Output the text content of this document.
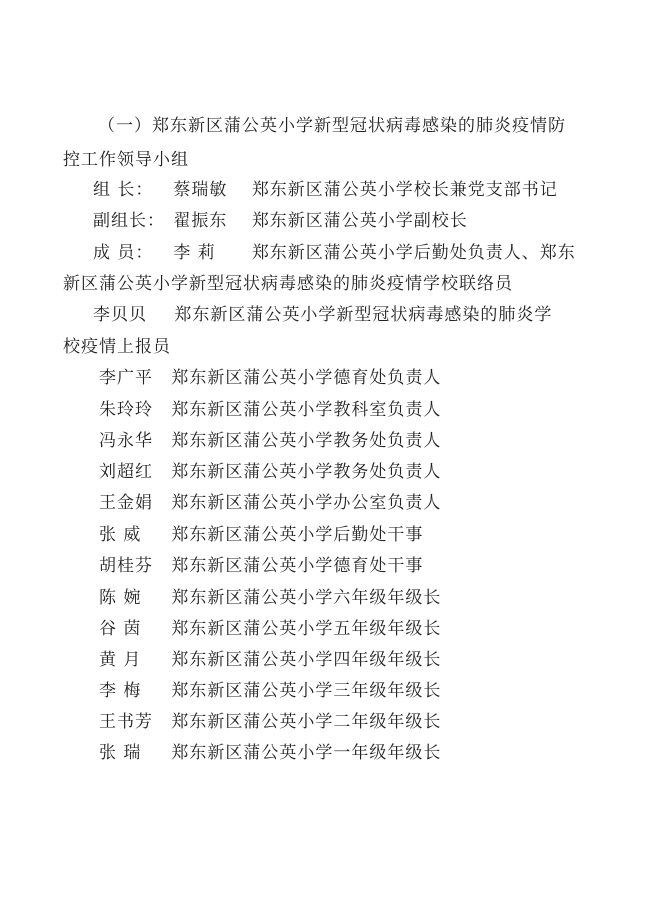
（一）郑东新区蒲公英小学新型冠状病毒感染的肺炎疫情防
控工作领导小组
组 长： 蔡瑞敏 郑东新区蒲公英小学校长兼党支部书记
副组长： 翟振东 郑东新区蒲公英小学副校长
成 员： 李 莉 郑东新区蒲公英小学后勤处负责人、郑东
新区蒲公英小学新型冠状病毒感染的肺炎疫情学校联络员
李贝贝 郑东新区蒲公英小学新型冠状病毒感染的肺炎学
校疫情上报员
李广平 郑东新区蒲公英小学德育处负责人
朱玲玲 郑东新区蒲公英小学教科室负责人
冯永华 郑东新区蒲公英小学教务处负责人
刘超红 郑东新区蒲公英小学教务处负责人
王金娟 郑东新区蒲公英小学办公室负责人
张 威 郑东新区蒲公英小学后勤处干事
胡桂芬 郑东新区蒲公英小学德育处干事
陈 婉 郑东新区蒲公英小学六年级年级长
谷 茵 郑东新区蒲公英小学五年级年级长
黄 月 郑东新区蒲公英小学四年级年级长
李 梅 郑东新区蒲公英小学三年级年级长
王书芳 郑东新区蒲公英小学二年级年级长
张 瑞 郑东新区蒲公英小学一年级年级长
